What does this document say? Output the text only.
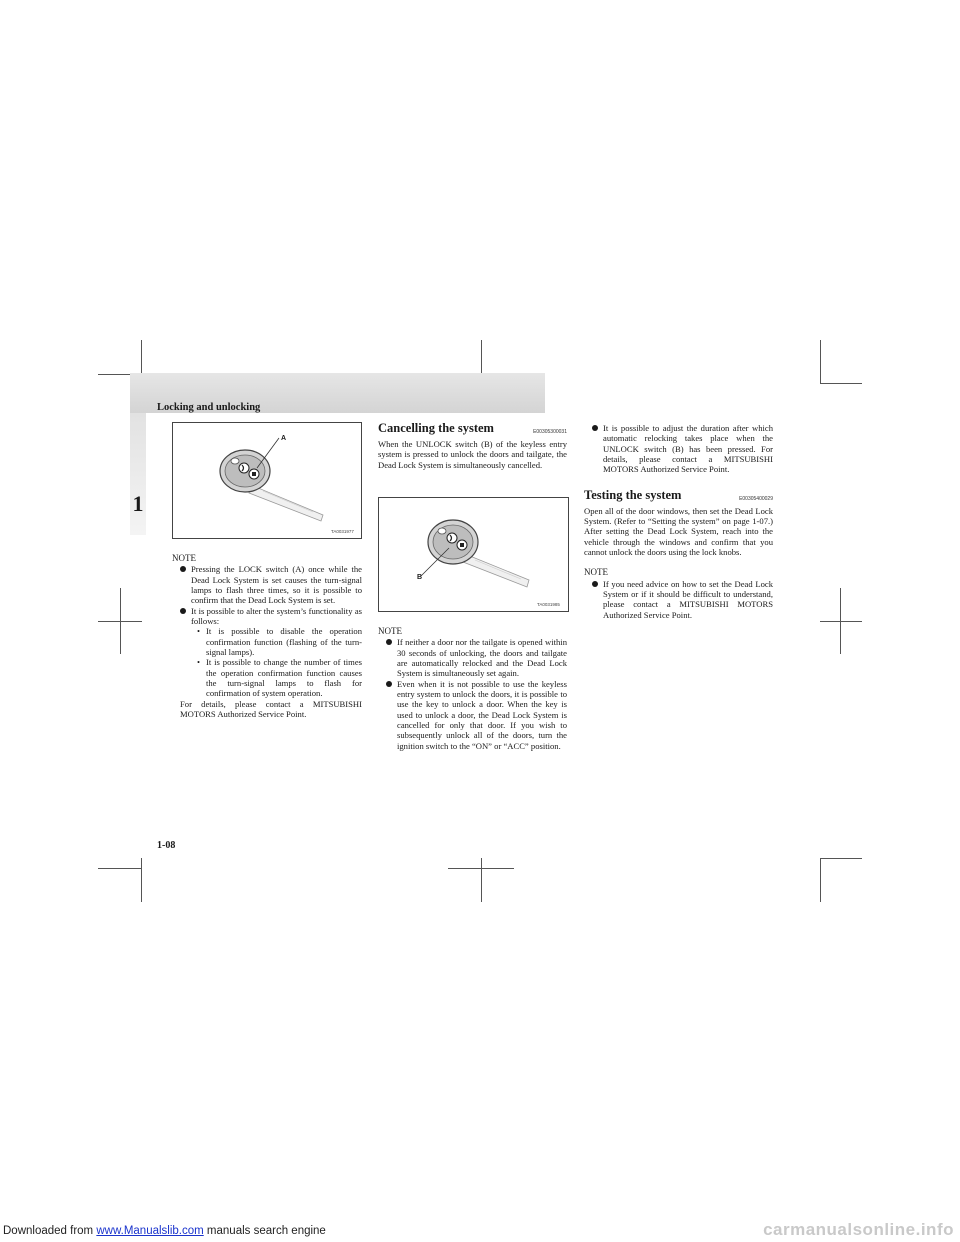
Locking and unlocking
1
A
TA0031977
NOTE
Pressing the LOCK switch (A) once while the Dead Lock System is set causes the turn-signal lamps to flash three times, so it is possible to confirm that the Dead Lock System is set.
It is possible to alter the system’s functionality as follows:
• It is possible to disable the operation confirmation function (flashing of the turn-signal lamps).
• It is possible to change the number of times the operation confirmation function causes the turn-signal lamps to flash for confirmation of system operation.
For details, please contact a MITSUBISHI MOTORS Authorized Service Point.
Cancelling the system	E00305300031
When the UNLOCK switch (B) of the keyless entry system is pressed to unlock the doors and tailgate, the Dead Lock System is simultaneously cancelled.
B
TA0031985
NOTE
If neither a door nor the tailgate is opened within 30 seconds of unlocking, the doors and tailgate are automatically relocked and the Dead Lock System is simultaneously set again.
Even when it is not possible to use the keyless entry system to unlock the doors, it is possible to use the key to unlock a door. When the key is used to unlock a door, the Dead Lock System is cancelled for only that door. If you wish to subsequently unlock all of the doors, turn the ignition switch to the “ON” or “ACC” position.
It is possible to adjust the duration after which automatic relocking takes place when the UNLOCK switch (B) has been pressed. For details, please contact a MITSUBISHI MOTORS Authorized Service Point.
Testing the system	E00305400029
Open all of the door windows, then set the Dead Lock System. (Refer to “Setting the system” on page 1-07.) After setting the Dead Lock System, reach into the vehicle through the windows and confirm that you cannot unlock the doors using the lock knobs.
NOTE
If you need advice on how to set the Dead Lock System or if it should be difficult to understand, please contact a MITSUBISHI MOTORS Authorized Service Point.
1-08
Downloaded from www.Manualslib.com manuals search engine	carmanualsonline.info
